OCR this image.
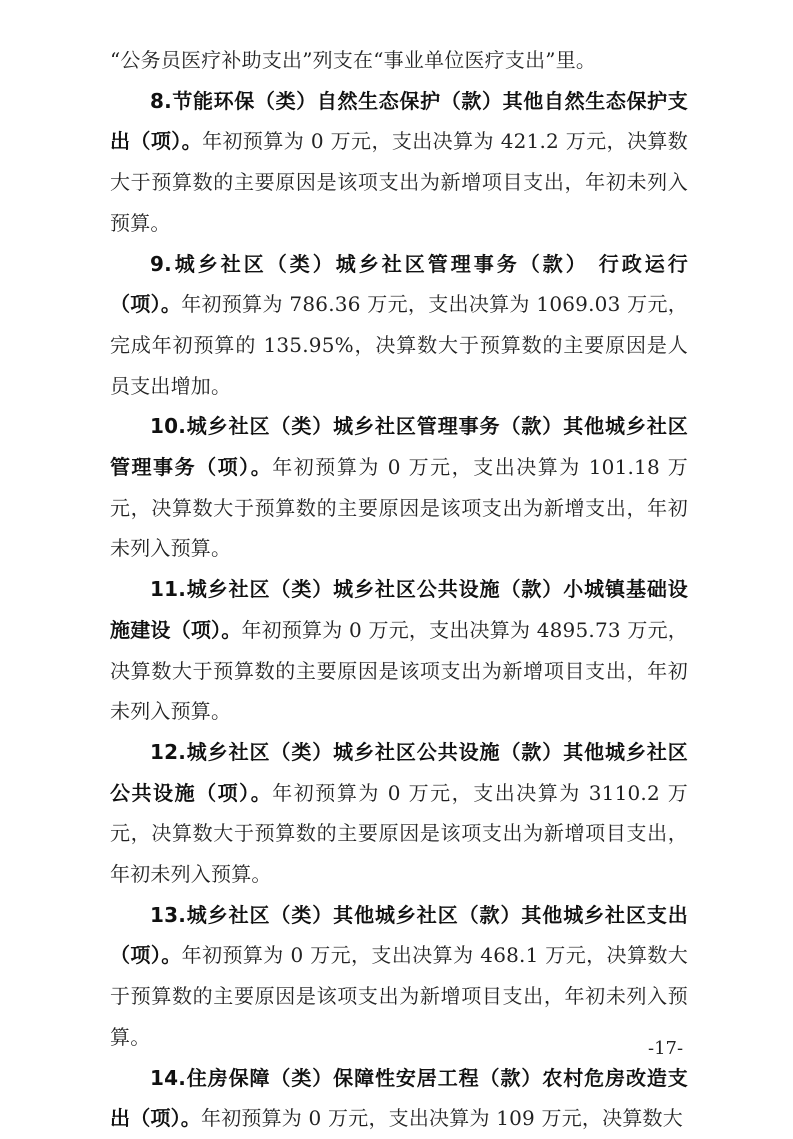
“公务员医疗补助支出”列支在“事业单位医疗支出”里。

8.节能环保（类）自然生态保护（款）其他自然生态保护支出（项）。年初预算为 0 万元，支出决算为 421.2 万元，决算数大于预算数的主要原因是该项支出为新增项目支出，年初未列入预算。

9.城乡社区（类）城乡社区管理事务（款） 行政运行（项）。年初预算为 786.36 万元，支出决算为 1069.03 万元，完成年初预算的 135.95%，决算数大于预算数的主要原因是人员支出增加。

10.城乡社区（类）城乡社区管理事务（款）其他城乡社区管理事务（项）。年初预算为 0 万元，支出决算为 101.18 万元，决算数大于预算数的主要原因是该项支出为新增支出，年初未列入预算。

11.城乡社区（类）城乡社区公共设施（款）小城镇基础设施建设（项）。年初预算为 0 万元，支出决算为 4895.73 万元，决算数大于预算数的主要原因是该项支出为新增项目支出，年初未列入预算。

12.城乡社区（类）城乡社区公共设施（款）其他城乡社区公共设施（项）。年初预算为 0 万元，支出决算为 3110.2 万元，决算数大于预算数的主要原因是该项支出为新增项目支出，年初未列入预算。

13.城乡社区（类）其他城乡社区（款）其他城乡社区支出（项）。年初预算为 0 万元，支出决算为 468.1 万元，决算数大于预算数的主要原因是该项支出为新增项目支出，年初未列入预算。

14.住房保障（类）保障性安居工程（款）农村危房改造支出（项）。年初预算为 0 万元，支出决算为 109 万元，决算数大

-17-
